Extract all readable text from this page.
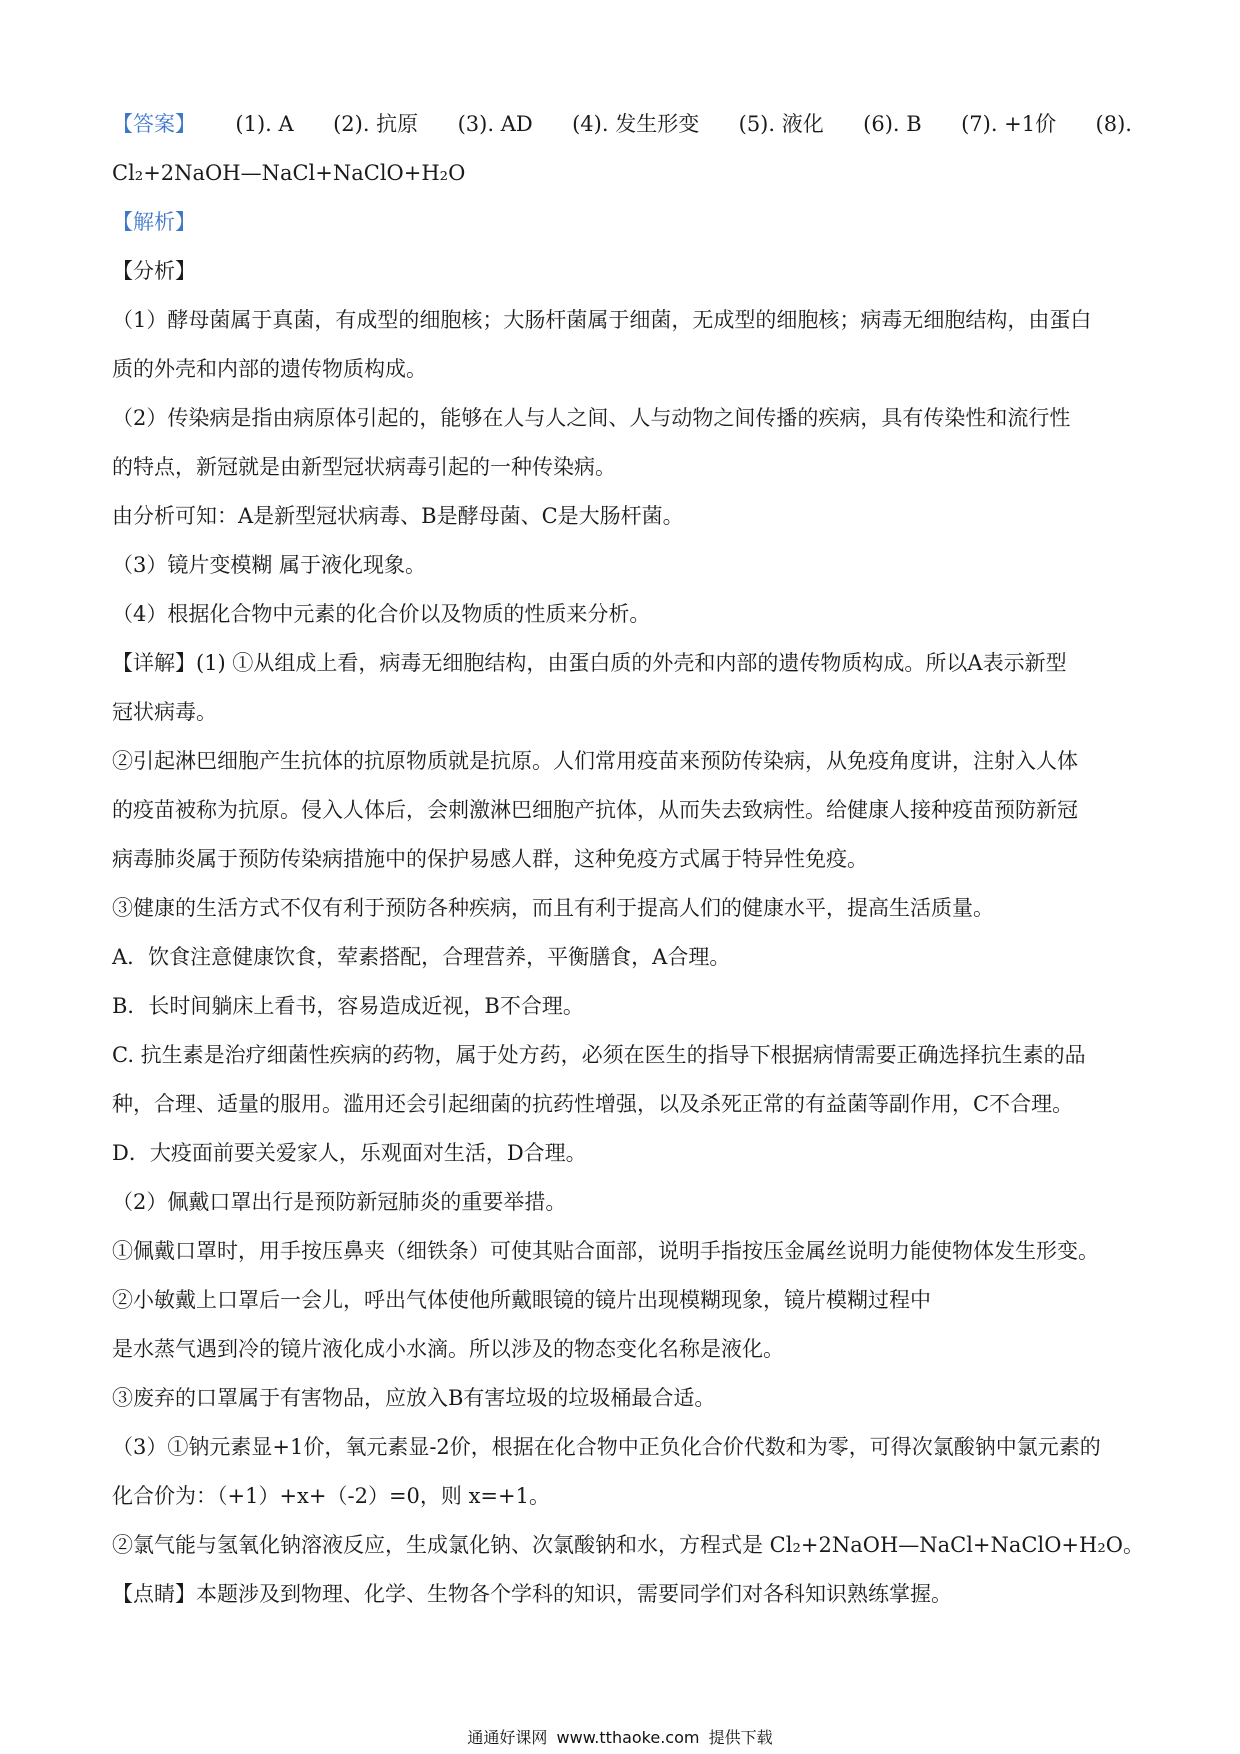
【答案】 (1). A (2). 抗原 (3). AD (4). 发生形变 (5). 液化 (6). B (7). +1价 (8).
Cl₂+2NaOH—NaCl+NaClO+H₂O
【解析】
【分析】
（1）酵母菌属于真菌，有成型的细胞核；大肠杆菌属于细菌，无成型的细胞核；病毒无细胞结构，由蛋白
质的外壳和内部的遗传物质构成。
（2）传染病是指由病原体引起的，能够在人与人之间、人与动物之间传播的疾病，具有传染性和流行性
的特点，新冠就是由新型冠状病毒引起的一种传染病。
由分析可知：A是新型冠状病毒、B是酵母菌、C是大肠杆菌。
（3）镜片变模糊 属于液化现象。
（4）根据化合物中元素的化合价以及物质的性质来分析。
【详解】(1) ①从组成上看，病毒无细胞结构，由蛋白质的外壳和内部的遗传物质构成。所以A表示新型
冠状病毒。
②引起淋巴细胞产生抗体的抗原物质就是抗原。人们常用疫苗来预防传染病，从免疫角度讲，注射入人体
的疫苗被称为抗原。侵入人体后，会刺激淋巴细胞产抗体，从而失去致病性。给健康人接种疫苗预防新冠
病毒肺炎属于预防传染病措施中的保护易感人群，这种免疫方式属于特异性免疫。
③健康的生活方式不仅有利于预防各种疾病，而且有利于提高人们的健康水平，提高生活质量。
A．饮食注意健康饮食，荤素搭配，合理营养，平衡膳食，A合理。
B．长时间躺床上看书，容易造成近视，B不合理。
C. 抗生素是治疗细菌性疾病的药物，属于处方药，必须在医生的指导下根据病情需要正确选择抗生素的品
种，合理、适量的服用。滥用还会引起细菌的抗药性增强，以及杀死正常的有益菌等副作用，C不合理。
D．大疫面前要关爱家人，乐观面对生活，D合理。
（2）佩戴口罩出行是预防新冠肺炎的重要举措。
①佩戴口罩时，用手按压鼻夹（细铁条）可使其贴合面部，说明手指按压金属丝说明力能使物体发生形变。
②小敏戴上口罩后一会儿，呼出气体使他所戴眼镜的镜片出现模糊现象，镜片模糊过程中
是水蒸气遇到冷的镜片液化成小水滴。所以涉及的物态变化名称是液化。
③废弃的口罩属于有害物品，应放入B有害垃圾的垃圾桶最合适。
（3）①钠元素显+1价，氧元素显-2价，根据在化合物中正负化合价代数和为零，可得次氯酸钠中氯元素的
化合价为：（+1）+x+（-2）=0，则 x=+1。
②氯气能与氢氧化钠溶液反应，生成氯化钠、次氯酸钠和水，方程式是 Cl₂+2NaOH—NaCl+NaClO+H₂O。
【点睛】本题涉及到物理、化学、生物各个学科的知识，需要同学们对各科知识熟练掌握。
通通好课网 www.tthaoke.com 提供下载
